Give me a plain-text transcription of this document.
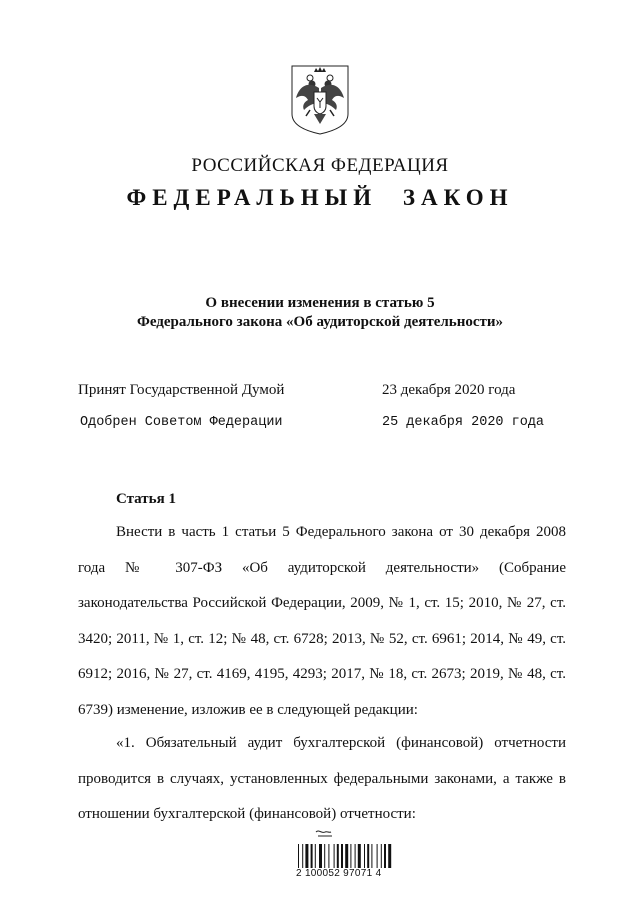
РОССИЙСКАЯ ФЕДЕРАЦИЯ
ФЕДЕРАЛЬНЫЙ ЗАКОН
О внесении изменения в статью 5
Федерального закона «Об аудиторской деятельности»
Принят Государственной Думой	23 декабря 2020 года
Одобрен Советом Федерации	25 декабря 2020 года
Статья 1
Внести в часть 1 статьи 5 Федерального закона от 30 декабря 2008 года № 307-ФЗ «Об аудиторской деятельности» (Собрание законодательства Российской Федерации, 2009, № 1, ст. 15; 2010, № 27, ст. 3420; 2011, № 1, ст. 12; № 48, ст. 6728; 2013, № 52, ст. 6961; 2014, № 49, ст. 6912; 2016, № 27, ст. 4169, 4195, 4293; 2017, № 18, ст. 2673; 2019, № 48, ст. 6739) изменение, изложив ее в следующей редакции:
«1. Обязательный аудит бухгалтерской (финансовой) отчетности проводится в случаях, установленных федеральными законами, а также в отношении бухгалтерской (финансовой) отчетности:
2 100052 97071 4
